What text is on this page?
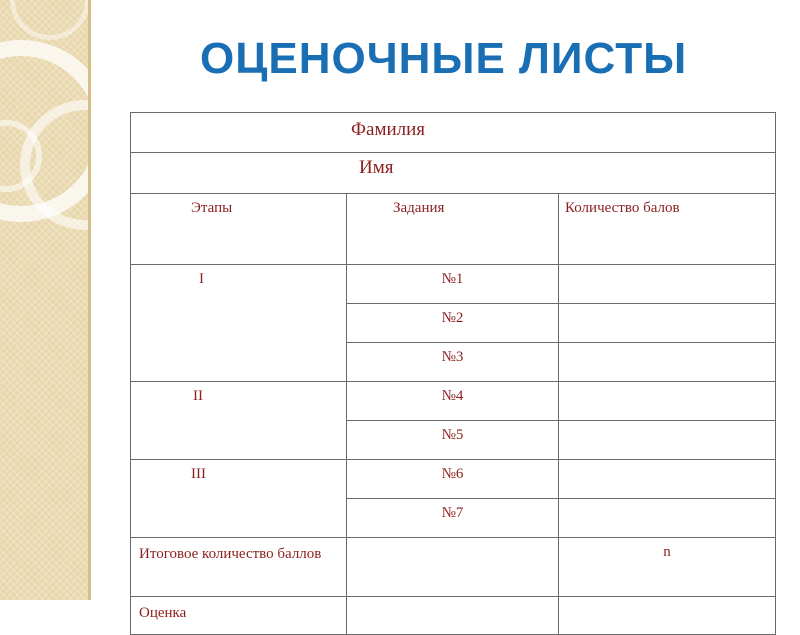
ОЦЕНОЧНЫЕ ЛИСТЫ
Фамилия		
Имя		
Этапы	Задания	Количество балов
I	№1	
	№2	
	№3	
II	№4	
	№5	
III	№6	
	№7	
Итоговое количество баллов		n
Оценка		
